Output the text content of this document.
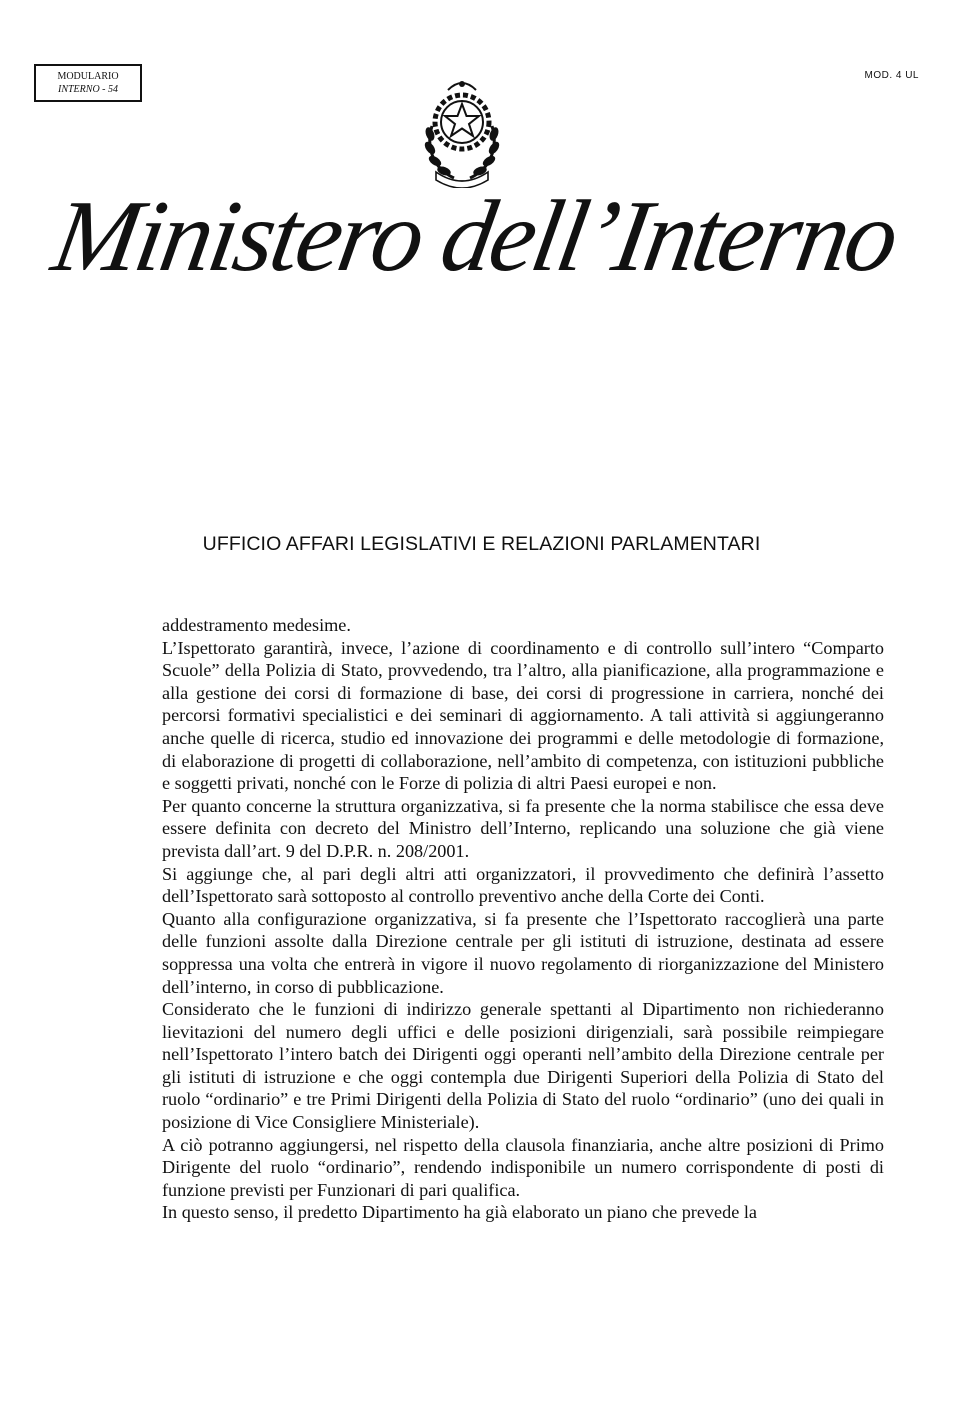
MODULARIO
INTERNO - 54
MOD. 4 UL
Ministero dell’Interno
UFFICIO AFFARI LEGISLATIVI E RELAZIONI PARLAMENTARI

addestramento medesime.

L’Ispettorato garantirà, invece, l’azione di coordinamento e di controllo sull’intero “Comparto Scuole” della Polizia di Stato, provvedendo, tra l’altro, alla pianificazione, alla programmazione e alla gestione dei corsi di formazione di base, dei corsi di progressione in carriera, nonché dei percorsi formativi specialistici e dei seminari di aggiornamento. A tali attività si aggiungeranno anche quelle di ricerca, studio ed innovazione dei programmi e delle metodologie di formazione, di elaborazione di progetti di collaborazione, nell’ambito di competenza, con istituzioni pubbliche e soggetti privati, nonché con le Forze di polizia di altri Paesi europei e non.

Per quanto concerne la struttura organizzativa, si fa presente che la norma stabilisce che essa deve essere definita con decreto del Ministro dell’Interno, replicando una soluzione che già viene prevista dall’art. 9 del D.P.R. n. 208/2001.

Si aggiunge che, al pari degli altri atti organizzatori, il provvedimento che definirà l’assetto dell’Ispettorato sarà sottoposto al controllo preventivo anche della Corte dei Conti.

Quanto alla configurazione organizzativa, si fa presente che l’Ispettorato raccoglierà una parte delle funzioni assolte dalla Direzione centrale per gli istituti di istruzione, destinata ad essere soppressa una volta che entrerà in vigore il nuovo regolamento di riorganizzazione del Ministero dell’interno, in corso di pubblicazione.

Considerato che le funzioni di indirizzo generale spettanti al Dipartimento non richiederanno lievitazioni del numero degli uffici e delle posizioni dirigenziali, sarà possibile reimpiegare nell’Ispettorato l’intero batch dei Dirigenti oggi operanti nell’ambito della Direzione centrale per gli istituti di istruzione e che oggi contempla due Dirigenti Superiori della Polizia di Stato del ruolo “ordinario” e tre Primi Dirigenti della Polizia di Stato del ruolo “ordinario” (uno dei quali in posizione di Vice Consigliere Ministeriale).

A ciò potranno aggiungersi, nel rispetto della clausola finanziaria, anche altre posizioni di Primo Dirigente del ruolo “ordinario”, rendendo indisponibile un numero corrispondente di posti di funzione previsti per Funzionari di pari qualifica.

In questo senso, il predetto Dipartimento ha già elaborato un piano che prevede la
